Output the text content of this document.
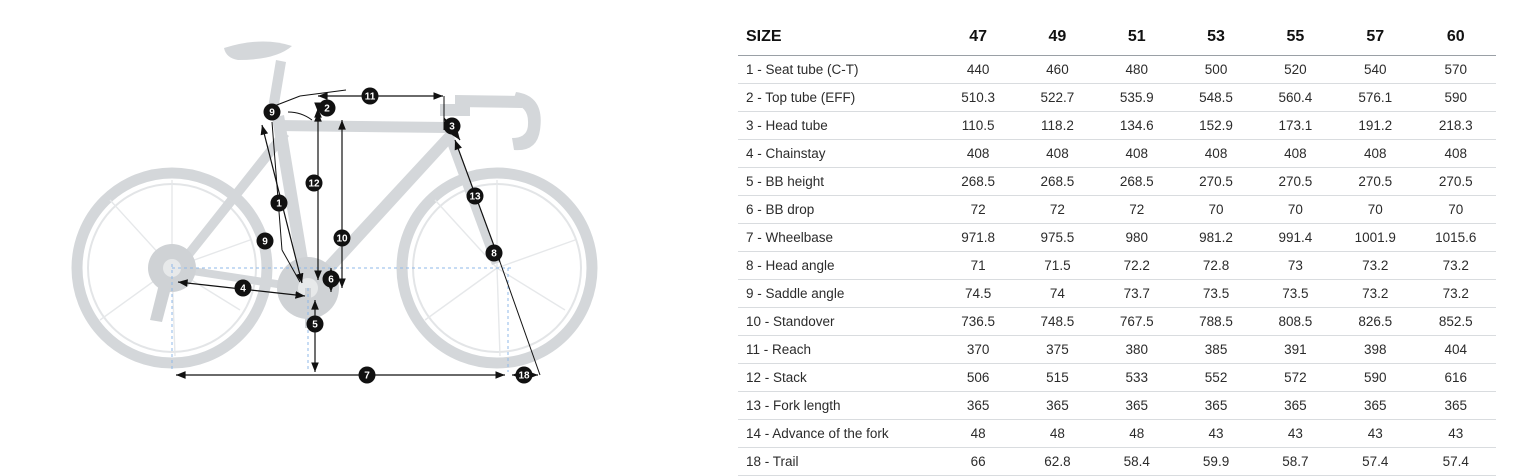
1
2
3
4
5
6
7
8
9
9	10
11
12
13
18
SIZE	47	49	51	53	55	57	60
1 - Seat tube (C-T)	440	460	480	500	520	540	570
2 - Top tube (EFF)	510.3	522.7	535.9	548.5	560.4	576.1	590
3 - Head tube	110.5	118.2	134.6	152.9	173.1	191.2	218.3
4 - Chainstay	408	408	408	408	408	408	408
5 - BB height	268.5	268.5	268.5	270.5	270.5	270.5	270.5
6 - BB drop	72	72	72	70	70	70	70
7 - Wheelbase	971.8	975.5	980	981.2	991.4	1001.9	1015.6
8 - Head angle	71	71.5	72.2	72.8	73	73.2	73.2
9 - Saddle angle	74.5	74	73.7	73.5	73.5	73.2	73.2
10 - Standover	736.5	748.5	767.5	788.5	808.5	826.5	852.5
11 - Reach	370	375	380	385	391	398	404
12 - Stack	506	515	533	552	572	590	616
13 - Fork length	365	365	365	365	365	365	365
14 - Advance of the fork	48	48	48	43	43	43	43
18 - Trail	66	62.8	58.4	59.9	58.7	57.4	57.4
